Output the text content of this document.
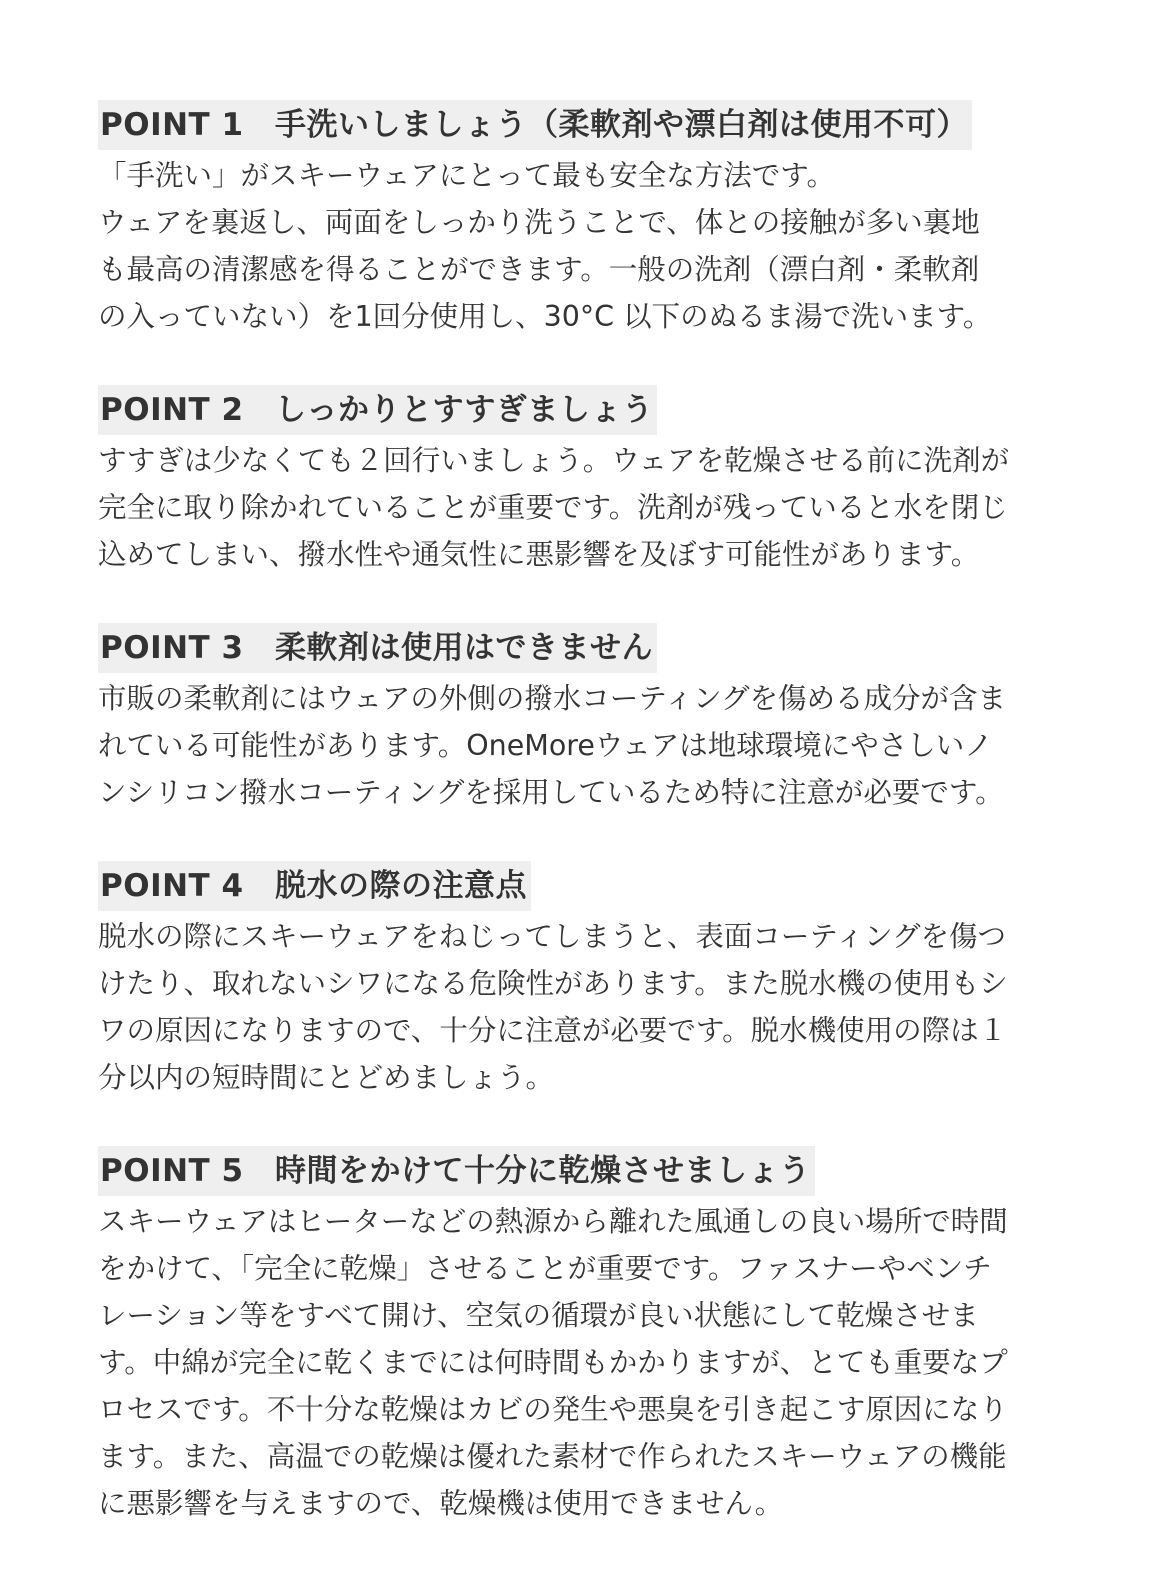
POINT 1　手洗いしましょう（柔軟剤や漂白剤は使用不可）
「手洗い」がスキーウェアにとって最も安全な方法です。
ウェアを裏返し、両面をしっかり洗うことで、体との接触が多い裏地
も最高の清潔感を得ることができます。一般の洗剤（漂白剤・柔軟剤
の入っていない）を1回分使用し、30°C 以下のぬるま湯で洗います。
POINT 2　しっかりとすすぎましょう
すすぎは少なくても２回行いましょう。ウェアを乾燥させる前に洗剤が
完全に取り除かれていることが重要です。洗剤が残っていると水を閉じ
込めてしまい、撥水性や通気性に悪影響を及ぼす可能性があります。
POINT 3　柔軟剤は使用はできません
市販の柔軟剤にはウェアの外側の撥水コーティングを傷める成分が含ま
れている可能性があります。OneMoreウェアは地球環境にやさしいノ
ンシリコン撥水コーティングを採用しているため特に注意が必要です。
POINT 4　脱水の際の注意点
脱水の際にスキーウェアをねじってしまうと、表面コーティングを傷つ
けたり、取れないシワになる危険性があります。また脱水機の使用もシ
ワの原因になりますので、十分に注意が必要です。脱水機使用の際は１
分以内の短時間にとどめましょう。
POINT 5　時間をかけて十分に乾燥させましょう
スキーウェアはヒーターなどの熱源から離れた風通しの良い場所で時間
をかけて、「完全に乾燥」させることが重要です。ファスナーやベンチ
レーション等をすべて開け、空気の循環が良い状態にして乾燥させま
す。中綿が完全に乾くまでには何時間もかかりますが、とても重要なプ
ロセスです。不十分な乾燥はカビの発生や悪臭を引き起こす原因になり
ます。また、高温での乾燥は優れた素材で作られたスキーウェアの機能
に悪影響を与えますので、乾燥機は使用できません。
